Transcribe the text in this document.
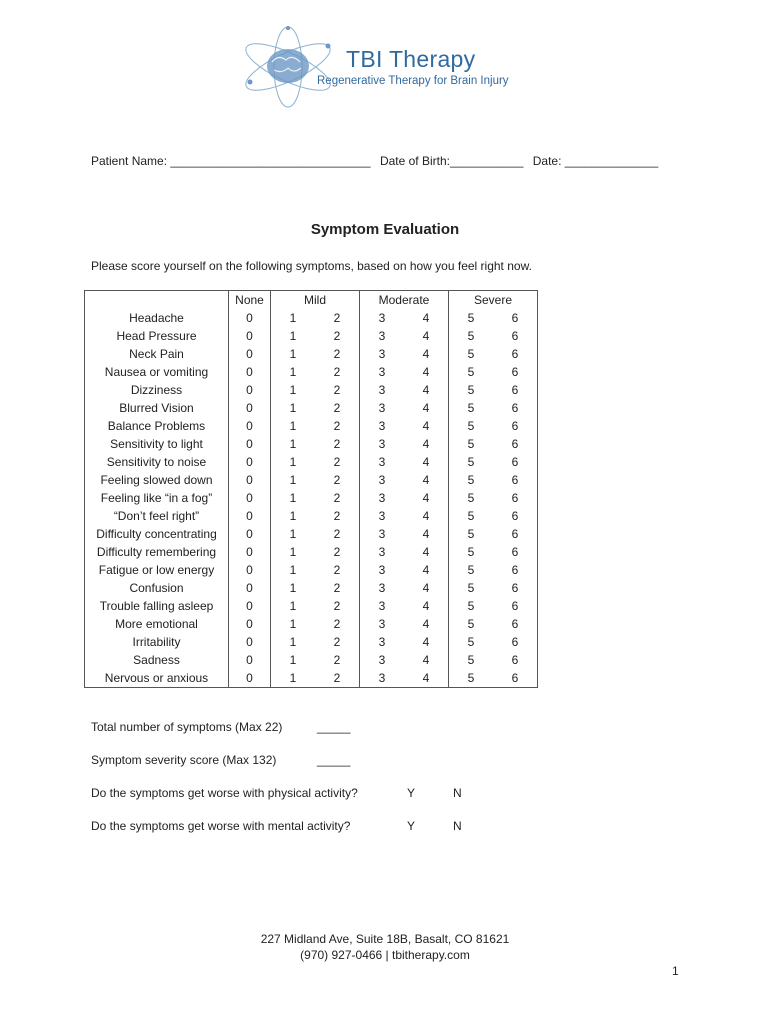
TBI Therapy
Regenerative Therapy for Brain Injury
Patient Name: ______________________________ Date of Birth:___________ Date: ______________
Symptom Evaluation
Please score yourself on the following symptoms, based on how you feel right now.
	None	Mild		Moderate		Severe	
Headache	0	1	2	3	4	5	6
Head Pressure	0	1	2	3	4	5	6
Neck Pain	0	1	2	3	4	5	6
Nausea or vomiting	0	1	2	3	4	5	6
Dizziness	0	1	2	3	4	5	6
Blurred Vision	0	1	2	3	4	5	6
Balance Problems	0	1	2	3	4	5	6
Sensitivity to light	0	1	2	3	4	5	6
Sensitivity to noise	0	1	2	3	4	5	6
Feeling slowed down	0	1	2	3	4	5	6
Feeling like “in a fog”	0	1	2	3	4	5	6
“Don’t feel right”	0	1	2	3	4	5	6
Difficulty concentrating	0	1	2	3	4	5	6
Difficulty remembering	0	1	2	3	4	5	6
Fatigue or low energy	0	1	2	3	4	5	6
Confusion	0	1	2	3	4	5	6
Trouble falling asleep	0	1	2	3	4	5	6
More emotional	0	1	2	3	4	5	6
Irritability	0	1	2	3	4	5	6
Sadness	0	1	2	3	4	5	6
Nervous or anxious	0	1	2	3	4	5	6
Total number of symptoms (Max 22)	_____
Symptom severity score (Max 132)	_____
Do the symptoms get worse with physical activity?	Y	N
Do the symptoms get worse with mental activity?	Y	N
227 Midland Ave, Suite 18B, Basalt, CO 81621
(970) 927-0466 | tbitherapy.com
1
